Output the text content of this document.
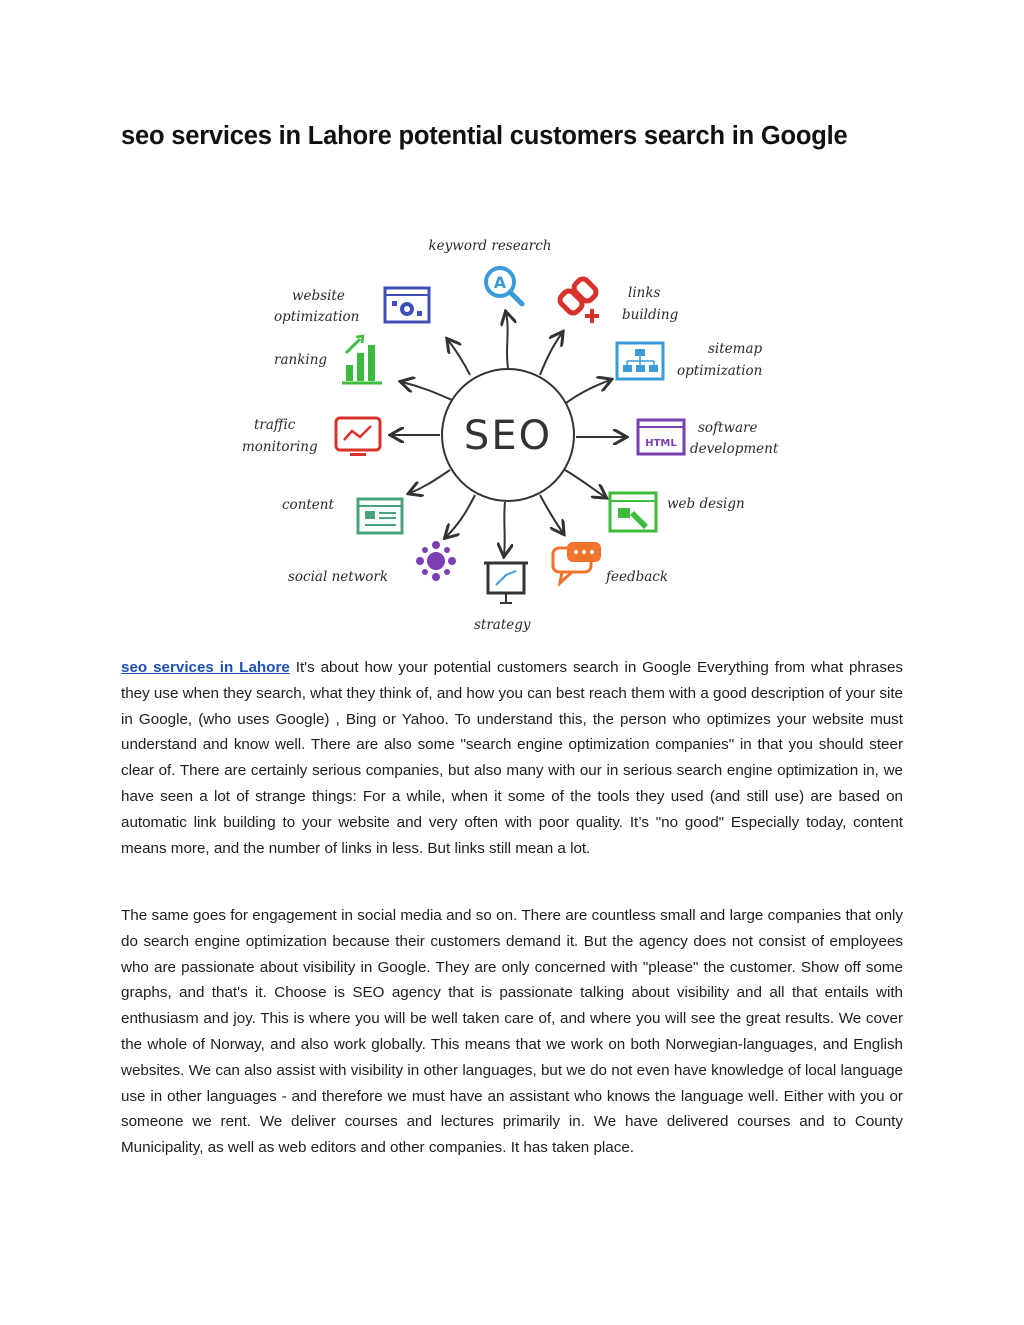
seo services in Lahore potential customers search in Google
SEO
keyword research
A
links
building
sitemap
optimization
HTML
software
development
web design
feedback
strategy
social network
content
traffic
monitoring
ranking
website
optimization

seo services in Lahore It's about how your potential customers search in Google Everything from what phrases they use when they search, what they think of, and how you can best reach them with a good description of your site in Google, (who uses Google) , Bing or Yahoo. To understand this, the person who optimizes your website must understand and know well. There are also some "search engine optimization companies" in that you should steer clear of. There are certainly serious companies, but also many with our in serious search engine optimization in, we have seen a lot of strange things: For a while, when it some of the tools they used (and still use) are based on automatic link building to your website and very often with poor quality. It’s "no good" Especially today, content means more, and the number of links in less. But links still mean a lot.

The same goes for engagement in social media and so on. There are countless small and large companies that only do search engine optimization because their customers demand it. But the agency does not consist of employees who are passionate about visibility in Google. They are only concerned with "please" the customer. Show off some graphs, and that's it. Choose is SEO agency that is passionate talking about visibility and all that entails with enthusiasm and joy. This is where you will be well taken care of, and where you will see the great results. We cover the whole of Norway, and also work globally. This means that we work on both Norwegian-languages, and English websites. We can also assist with visibility in other languages, but we do not even have knowledge of local language use in other languages - and therefore we must have an assistant who knows the language well. Either with you or someone we rent. We deliver courses and lectures primarily in. We have delivered courses and to County Municipality, as well as web editors and other companies. It has taken place.
